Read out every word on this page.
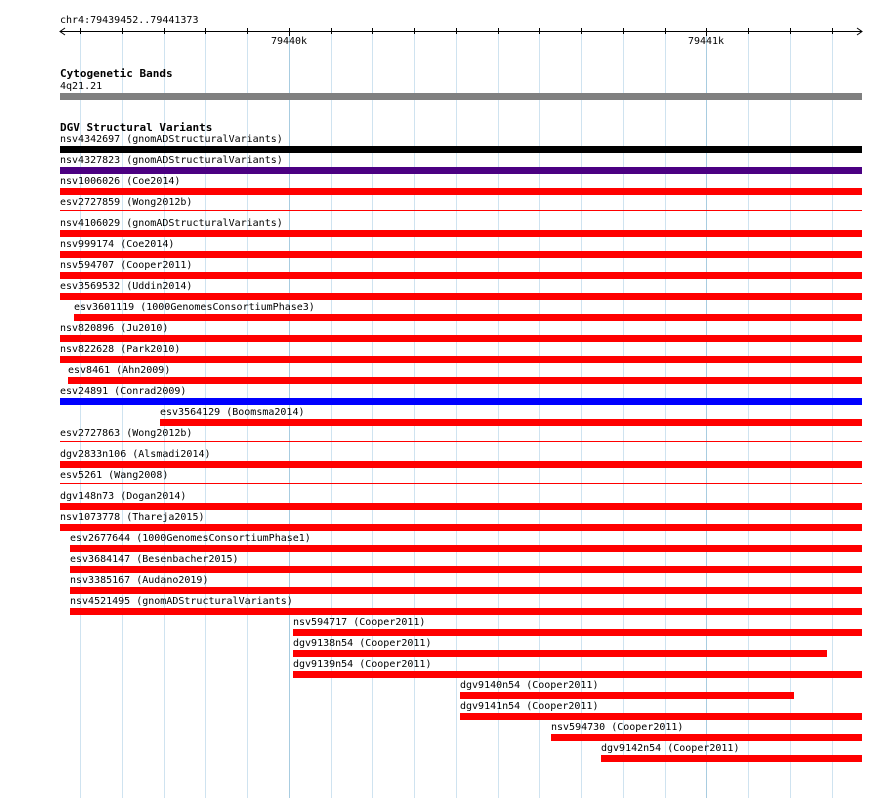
chr4:79439452..79441373
79440k	79441k
Cytogenetic Bands
4q21.21
DGV Structural Variants
nsv4342697 (gnomADStructuralVariants)
nsv4327823 (gnomADStructuralVariants)
nsv1006026 (Coe2014)
esv2727859 (Wong2012b)
nsv4106029 (gnomADStructuralVariants)
nsv999174 (Coe2014)
nsv594707 (Cooper2011)
esv3569532 (Uddin2014)
esv3601119 (1000GenomesConsortiumPhase3)
nsv820896 (Ju2010)
nsv822628 (Park2010)
esv8461 (Ahn2009)
esv24891 (Conrad2009)
esv3564129 (Boomsma2014)
esv2727863 (Wong2012b)
dgv2833n106 (Alsmadi2014)
esv5261 (Wang2008)
dgv148n73 (Dogan2014)
nsv1073778 (Thareja2015)
esv2677644 (1000GenomesConsortiumPhase1)
esv3684147 (Besenbacher2015)
nsv3385167 (Audano2019)
nsv4521495 (gnomADStructuralVariants)
nsv594717 (Cooper2011)
dgv9138n54 (Cooper2011)
dgv9139n54 (Cooper2011)
dgv9140n54 (Cooper2011)
dgv9141n54 (Cooper2011)
nsv594730 (Cooper2011)
dgv9142n54 (Cooper2011)
